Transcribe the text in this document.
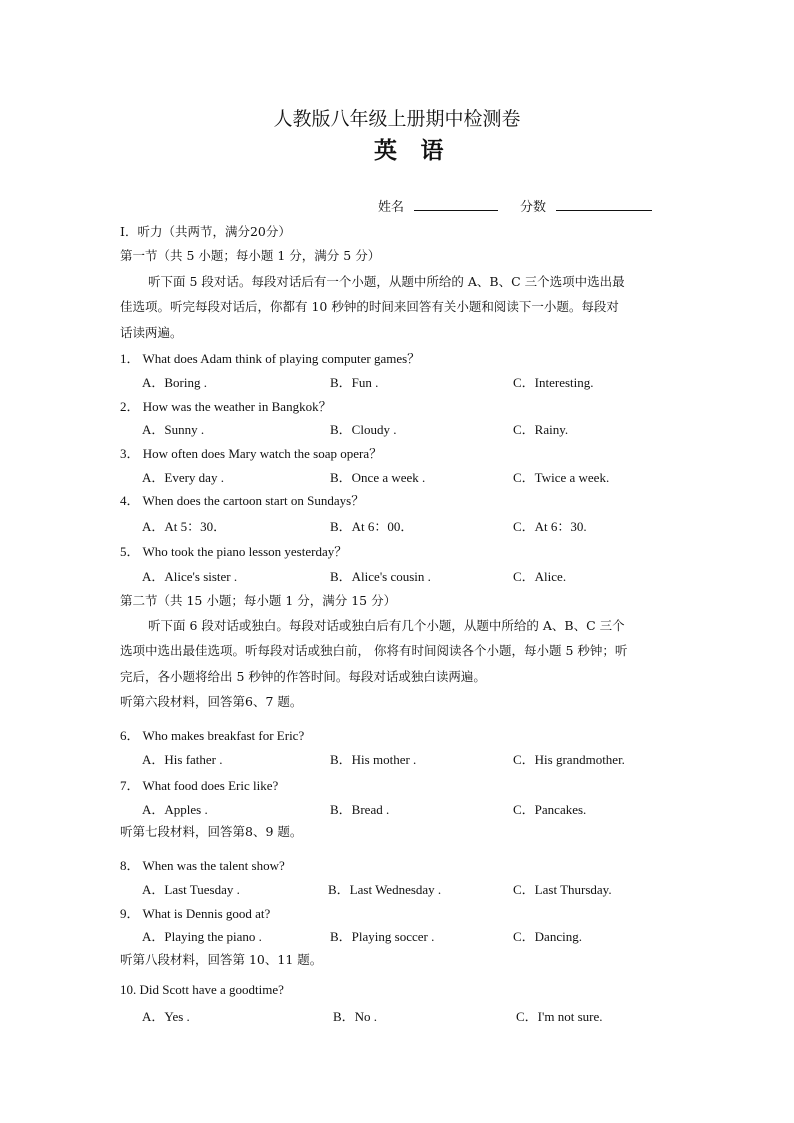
人教版八年级上册期中检测卷
英 语
姓名	分数
I．听力（共两节，满分20分）
第一节（共 5 小题；每小题 1 分，满分 5 分）
听下面 5 段对话。每段对话后有一个小题，从题中所给的 A、B、C 三个选项中选出最
佳选项。听完每段对话后，你都有 10 秒钟的时间来回答有关小题和阅读下一小题。每段对
话读两遍。
1． What does Adam think of playing computer games？
A．Boring .	B．Fun .	C．Interesting.
2． How was the weather in Bangkok？
A．Sunny .	B．Cloudy .	C．Rainy.
3． How often does Mary watch the soap opera？
A．Every day .	B．Once a week .	C．Twice a week.
4． When does the cartoon start on Sundays？
A．At 5：30．	B．At 6：00．	C．At 6：30.
5． Who took the piano lesson yesterday？
A．Alice's sister .	B．Alice's cousin .	C．Alice.
第二节（共 15 小题；每小题 1 分，满分 15 分）
听下面 6 段对话或独白。每段对话或独白后有几个小题，从题中所给的 A、B、C 三个
选项中选出最佳选项。听每段对话或独白前， 你将有时间阅读各个小题，每小题 5 秒钟；听
完后，各小题将给出 5 秒钟的作答时间。每段对话或独白读两遍。
听第六段材料，回答第6、7 题。
6． Who makes breakfast for Eric?
A．His father .	B．His mother .	C．His grandmother.
7． What food does Eric like?
A．Apples .	B．Bread .	C．Pancakes.
听第七段材料，回答第8、9 题。
8． When was the talent show?
A．Last Tuesday .	B．Last Wednesday .	C．Last Thursday.
9． What is Dennis good at?
A．Playing the piano .	B．Playing soccer .	C．Dancing.
听第八段材料，回答第 10、11 题。
10. Did Scott have a goodtime?
A．Yes .	B．No .	C．I'm not sure.
